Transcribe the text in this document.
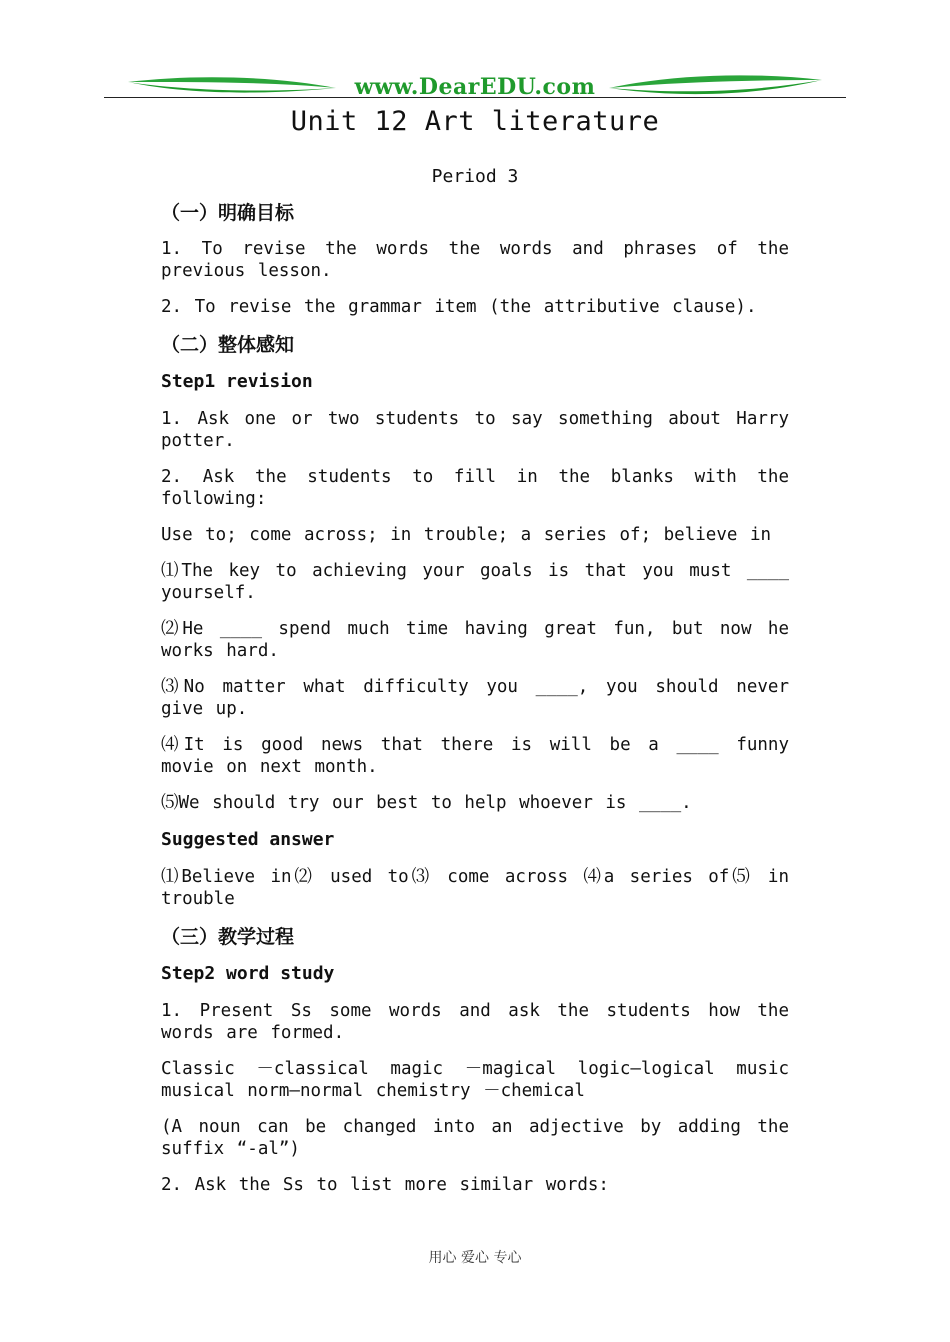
www.DearEDU.com
Unit 12 Art literature
Period 3
（一）明确目标

1. To revise the words the words and phrases of the previous lesson.

2. To revise the grammar item (the attributive clause).

（二）整体感知
Step1 revision

1. Ask one or two students to say something about Harry potter.

2. Ask the students to fill in the blanks with the following:

Use to; come across; in trouble; a series of; believe in

⑴The key to achieving your goals is that you must ____ yourself.

⑵He ____ spend much time having great fun, but now he works hard.

⑶No matter what difficulty you ____, you should never give up.

⑷It is good news that there is will be a ____ funny movie on next month.

⑸We should try our best to help whoever is ____.

Suggested answer

⑴Believe in⑵ used to⑶ come across ⑷a series of⑸ in trouble

（三）教学过程
Step2 word study

1. Present Ss some words and ask the students how the words are formed.

Classic －classical magic －magical logic—logical music musical norm—normal chemistry －chemical

(A noun can be changed into an adjective by adding the suffix “-al”)

2. Ask the Ss to list more similar words:

用心 爱心 专心
